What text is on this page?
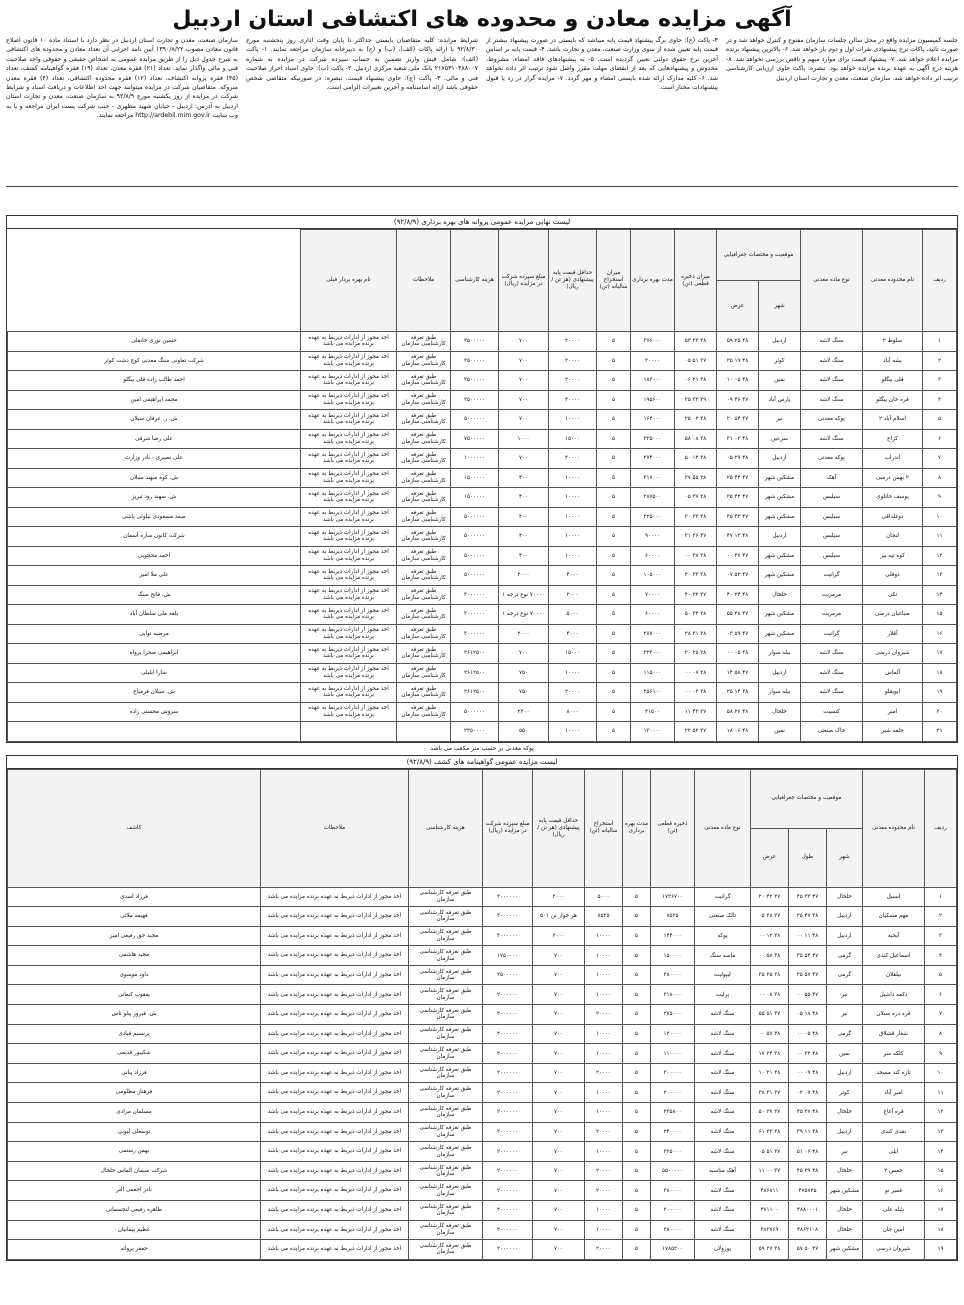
آگهی مزایده معادن و محدوده های اکتشافی استان اردبیل
سازمان صنعت، معدن و تجارت استان اردبیل در نظر دارد با استناد ماده ۱۰ قانون اصلاح قانون معادن مصوب ۱۳۹۰/۸/۲۲ آیین نامه اجرایی آن تعداد معادن و محدوده های اکتشافی به شرح جدول ذیل را از طریق مزایده عمومی به اشخاص حقیقی و حقوقی واجد صلاحیت فنی و مالی واگذار نماید. تعداد (۲۱) فقره معدن، تعداد (۱۹) فقره گواهینامه کشف، تعداد (۴۵) فقره پروانه اکتشاف، تعداد (۱۲) فقره محدوده اکتشافی، تعداد (۴) فقره معدن متروکه. متقاضیان شرکت در مزایده میتوانند جهت اخذ اطلاعات و دریافت اسناد و شرایط شرکت در مزایده از روز یکشنبه مورخ ۹۲/۸/۹ به سازمان صنعت، معدن و تجارت استان اردبیل به آدرس: اردبیل - خیابان شهید مطهری - جنب شرکت پست ایران مراجعه و یا به وب سایت http://ardebil.mim.gov.ir مراجعه نمایند.
شرایط مزایده: کلیه متقاضیان بایستی حداکثر تا پایان وقت اداری روز پنجشنبه مورخ ۹۲/۸/۳۰ با ارائه پاکات (الف)، (ب) و (ج) به دبیرخانه سازمان مراجعه نمایند. ۱- پاکت (الف): شامل فیش واریز تضمین به حساب سپرده شرکت در مزایده به شماره ۲۱۷۵۳۱۰۳۸۸۰۰۷ بانک ملی شعبه مرکزی اردبیل. ۲- پاکت (ب): حاوی اسناد احراز صلاحیت فنی و مالی. ۳- پاکت (ج): حاوی پیشنهاد قیمت. تبصره: در صورتیکه متقاضی شخص حقوقی باشد ارائه اساسنامه و آخرین تغییرات الزامی است.
۳- پاکت (ج): حاوی برگ پیشنهاد قیمت پایه میباشد که بایستی در صورت پیشنهاد بیشتر از قیمت پایه تعیین شده از سوی وزارت صنعت، معدن و تجارت باشد. ۴- قیمت پایه بر اساس آخرین نرخ حقوق دولتی تعیین گردیده است. ۵- به پیشنهادهای فاقد امضاء، مشروط، مخدوش و پیشنهادهایی که بعد از انقضای مهلت مقرر واصل شود ترتیب اثر داده نخواهد شد. ۶- کلیه مدارک ارائه شده بایستی امضاء و مهر گردد. ۷- مزایده گزار در رد یا قبول پیشنهادات مختار است.
جلسه کمیسیون مزایده واقع در محل سالن جلسات سازمان مفتوح و کنترل خواهد شد و در صورت تائید، پاکات نرخ پیشنهادی نفرات اول و دوم باز خواهد شد. ۶- بالاترین پیشنهاد برنده مزایده اعلام خواهد شد. ۷- پیشنهاد قیمت برای موارد مبهم و ناقص بررسی نخواهد شد. ۸- هزینه درج آگهی به عهده برنده مزایده خواهد بود. تبصره: پاکت حاوی ارزیابی کارشناسی ترتیب اثر داده خواهد شد. سازمان صنعت، معدن و تجارت استان اردبیل
لیست نهایی مزایده عمومی پروانه های بهره برداری (۹۲/۸/۹)
ردیف	نام محدوده معدنی	نوع ماده معدنی	موقعیت و مختصات جغرافیایی		میزان ذخیره قطعی (تن)	مدت بهره برداری	میزان استخراج سالیانه (تن)	حداقل قیمت پایه پیشنهادی (هر تن / ریال)	مبلغ سپرده شرکت در مزایده (ریال)	هزینه کارشناسی	ملاحظات	نام بهره بردار قبلی	
			شهر	عرض									
۱	سلوط ۲	سنگ لاشه	اردبیل	۴۸ ۲۵ ۵۹	۳۸ ۲۳ ۵۳	۳۷۶۰۰۰	۵	۲۰۰۰۰	۷۰۰	۳۵۰۰۰۰۰	طبق تعرفه کارشناسی سازمان	اخذ مجوز از ادارات ذیربط به عهده برنده مزایده می باشد	حسین نوری خانقلی
۲	پشه آباد	سنگ لاشه	کوثر	۴۸ ۱۹ ۳۵	۳۷ ۵۱ ۰۵	۳۰۰۰۰	۵	۲۰۰۰۰	۷۰۰	۳۵۰۰۰۰۰	طبق تعرفه کارشناسی سازمان	اخذ مجوز از ادارات ذیربط به عهده برنده مزایده می باشد	شرکت تعاونی سنگ معدنی کوچ دشت کوثر
۳	قلی بیگلو	سنگ لاشه	نمین	۴۸ ۰۵ ۱۰	۳۸ ۲۱ ۰۶	۱۸۳۰۰۰	۵	۲۰۰۰۰	۷۰۰	۳۵۰۰۰۰۰	طبق تعرفه کارشناسی سازمان	اخذ مجوز از ادارات ذیربط به عهده برنده مزایده می باشد	احمد طالب زاده قلی بیگلو
۴	قره خان بیگلو	سنگ لاشه	پارس آباد	۴۷ ۴۶ ۰۹	۳۹ ۳۳ ۲۵	۱۹۵۶۰۰	۵	۴۰۰۰۰	۷۰۰	۳۵۰۰۰۰۰	طبق تعرفه کارشناسی سازمان	اخذ مجوز از ادارات ذیربط به عهده برنده مزایده می باشد	محمد ابراهیمی امین
۵	اسلام آباد ۲	پوکه معدنی	نیر	۴۷ ۵۴ ۲۰	۳۸ ۰۲ ۲۵	۱۶۴۰۰۰	۵	۱۰۰۰۰	۷۰۰	۵۰۰۰۰۰۰	طبق تعرفه کارشناسی سازمان	اخذ مجوز از ادارات ذیربط به عهده برنده مزایده می باشد	ش. ر. عرفان سبلان
۶	کزاج	سنگ لاشه	سرعین	۴۸ ۰۳ ۳۱	۳۸ ۰۸ ۵۸	۲۲۵۰۰۰	۵	۱۵۰۰۰	۱۰۰۰	۷۵۰۰۰۰۰	طبق تعرفه کارشناسی سازمان	اخذ مجوز از ادارات ذیربط به عهده برنده مزایده می باشد	علی رضا شرقی
۷	اندراب	پوکه معدنی	اردبیل	۴۸ ۲۹ ۰۵	۳۸ ۱۴ ۵۰	۲۷۴۰۰۰	۵	۲۰۰۰۰	۷۰۰	۱۰۰۰۰۰۰	طبق تعرفه کارشناسی سازمان	اخذ مجوز از ادارات ذیربط به عهده برنده مزایده می باشد	علی نصیری - نادر وزارت
۸	۲ بهمن درسی	آهک	مشکین شهر	۴۷ ۴۴ ۲۵	۳۸ ۵۵ ۲۷	۳۱۷۰۰۰	۵	۱۰۰۰۰	۴۰۰	۱۵۰۰۰۰۰	طبق تعرفه کارشناسی سازمان	اخذ مجوز از ادارات ذیربط به عهده برنده مزایده می باشد	ش. کوه سهند سبلان
۹	یوسف خانلوی	سیلیس	مشکین شهر	۴۷ ۴۴ ۳۵	۳۸ ۳۷ ۰۵	۲۸۷۵۰۰	۵	۱۰۰۰۰	۴۰۰	۱۵۰۰۰۰۰	طبق تعرفه کارشناسی سازمان	اخذ مجوز از ادارات ذیربط به عهده برنده مزایده می باشد	ش. سهند رود تبریز
۱۰	دوغلداقی	سیلیس	مشکین شهر	۴۷ ۴۳ ۳۵	۳۸ ۳۳ ۳۰	۲۲۵۰۰۰	۵	۱۰۰۰۰	۴۰۰	۵۰۰۰۰۰۰	طبق تعرفه کارشناسی سازمان	اخذ مجوز از ادارات ذیربط به عهده برنده مزایده می باشد	صمد مسعودی بیلوئی پاشی
۱۱	لنجان	سیلیس	اردبیل	۴۸ ۱۳ ۴۷	۳۷ ۲۶ ۲۱	۹۰۰۰۰	۵	۱۰۰۰۰	۴۰۰	۵۰۰۰۰۰۰	طبق تعرفه کارشناسی سازمان	اخذ مجوز از ادارات ذیربط به عهده برنده مزایده می باشد	شرکت کانون سازه آسمان
۱۲	کوه تپه بیز	سیلیس	مشکین شهر	۴۷ ۴۷ ۰۰	۳۸ ۳۸ ۰۰	۶۰۰۰۰	۵	۱۰۰۰۰	۴۰۰	۵۰۰۰۰۰۰	طبق تعرفه کارشناسی سازمان	اخذ مجوز از ادارات ذیربط به عهده برنده مزایده می باشد	احمد محجوبی
۱۳	دوقلی	گرانیت	مشکین شهر	۴۷ ۵۲ ۰۷	۳۸ ۳۳ ۴۰	۱۰۵۰۰۰	۵	۴۰۰۰	۲۰۰۰	۵۰۰۰۰۰۰	طبق تعرفه کارشناسی سازمان	اخذ مجوز از ادارات ذیربط به عهده برنده مزایده می باشد	علی ملا امیر
۱۴	تکی	مرمریت	خلخال	۴۸ ۲۴ ۴۰	۳۷ ۲۲ ۴۰	۷۰۰۰۰	۵	۲۰۰۰	۷۰۰۰۰ نوع درجه ۱	۳۰۰۰۰۰۰	طبق تعرفه کارشناسی سازمان	اخذ مجوز از ادارات ذیربط به عهده برنده مزایده می باشد	ش. فاتح سنگ
۱۵	صباغیان درسی	مرمریت	مشکین شهر	۴۷ ۴۸ ۵۵	۳۸ ۳۴ ۵۰	۶۰۰۰۰	۵	۵۰۰۰	۷۰۰۰۰ نوع درجه ۱	۳۰۰۰۰۰۰	طبق تعرفه کارشناسی سازمان	اخذ مجوز از ادارات ذیربط به عهده برنده مزایده می باشد	یلفه ملی سلطان آباد
۱۶	آقلار	گرانیت	مشکین شهر	۴۷ ۵۹ ۰۳	۳۸ ۳۱ ۲۸	۲۸۷۰۰۰	۵	۴۰۰۰	۲۰۰۰	۳۰۰۰۰۰۰	طبق تعرفه کارشناسی سازمان	اخذ مجوز از ادارات ذیربط به عهده برنده مزایده می باشد	مرضیه نوایی
۱۷	شیروان درسی	سنگ لاشه	بیله سوار	۴۸ ۰۵ ۰۰	۳۸ ۲۵ ۲۰	۳۳۴۰۰۰	۵	۱۵۰۰۰	۷۰۰	۲۶۱۲۵۰۰	طبق تعرفه کارشناسی سازمان	اخذ مجوز از ادارات ذیربط به عهده برنده مزایده می باشد	ابراهیمی صحرا پرواه
۱۸	آلماس	سنگ لاشه	اردبیل	۴۷ ۵۸ ۱۴	۳۸ ۰۷ ۰۰	۱۱۵۰۰۰	۵	۱۰۰۰۰	۷۵۰	۲۶۱۲۵۰۰	طبق تعرفه کارشناسی سازمان	اخذ مجوز از ادارات ذیربط به عهده برنده مزایده می باشد	سارا ابلیلی
۱۹	ایوبقلو	سنگ لاشه	بیله سوار	۴۸ ۱۴ ۲۵	۳۸ ۰۲ ۰۰	۲۵۶۱۰۰	۵	۲۰۰۰۰	۷۵۰	۲۶۱۲۵۰۰	طبق تعرفه کارشناسی سازمان	اخذ مجوز از ادارات ذیربط به عهده برنده مزایده می باشد	ش. سبلان فرمیاح
۲۰	امیر	کنسیت	خلخال	۴۸ ۲۶ ۵۸	۳۷ ۴۳ ۱۱	۴۱۵۰۰	۵	۸۰۰۰	۲۲۰۰	۵۰۰۰۰۰۰	طبق تعرفه کارشناسی سازمان	اخذ مجوز از ادارات ذیربط به عهده برنده مزایده می باشد	سروش محسنی زاده
۲۱	خلفه شیر	خاک صنعتی	نمین	۴۸ ۰۶ ۱۸	۳۷ ۵۲ ۲۲	۱۳۰۰۰۰	۵	۱۰۰۰۰	۵۵۰	۲۳۵۰۰۰۰			
پوکه معدنی بر حسب متر مکعب می باشد
لیست مزایده عمومی گواهینامه های کشف (۹۲/۸/۹)
ردیف	نام محدوده معدنی	موقعیت و مختصات جغرافیایی			نوع ماده معدنی	ذخیره قطعی (تن)	مدت بهره برداری	استخراج سالیانه (تن)	حداقل قیمت پایه پیشنهادی (هر تن / ریال)	مبلغ سپرده شرکت در مزایده (ریال)	هزینه کارشناسی	ملاحظات	کاشف
		شهر	طول	عرض									
۱	اسبیل	خلخال	۴۷ ۳۳ ۴۵	۳۷ ۴۲ ۲۰	گرانیت	۱۷۲۶۷۰۰	۵	۵۰۰۰	۲۰۰۰	۳۰۰۰۰۰۰	طبق تعرفه کارشناسی سازمان	اخذ مجوز از ادارات ذیربط به عهده برنده مزایده می باشد	فرزاد اسدی
۲	مهم مسکیان	اردبیل	۴۸ ۴۷ ۲۵	۳۷ ۲۸ ۰۵	تالک صنعتی	۸۵۲۵	۵	۸۵۲۵	هر خوار تن ۵۰۱	۳۰۰۰۰۰۰	طبق تعرفه کارشناسی سازمان	اخذ مجوز از ادارات ذیربط به عهده برنده مزایده می باشد	فهیمه ملائی
۳	آیجیه	اردبیل	۴۸ ۱۱ ۰۰	۳۸ ۱۲ ۰۰	پوکه	۱۴۴۰۰۰	۵	۱۰۰۰۰	۳۰۰۰	۳۰۰۰۰۰۰	طبق تعرفه کارشناسی سازمان	اخذ مجوز از ادارات ذیربط به عهده برنده مزایده می باشد	مجید حق رفیعی امیر
۴	اسماعیل کندی	گرمی	۴۷ ۵۴ ۳۵	۳۸ ۵۸ ۰۰	ماسه سنگ	۱۵۰۰۰۰	۵	۱۰۰۰۰	۷۰۰	۱۷۵۰۰۰۰	طبق تعرفه کارشناسی سازمان	اخذ مجوز از ادارات ذیربط به عهده برنده مزایده می باشد	مجید هاشمی
۵	نیلقلان	گرمی	۴۷ ۵۷ ۲۵	۳۸ ۲۵ ۳۵	لیپولیت	۲۸۰۰۰۰	۵	۱۰۰۰۰	۷۰۰	۲۵۰۰۰۰۰	طبق تعرفه کارشناسی سازمان	اخذ مجوز از ادارات ذیربط به عهده برنده مزایده می باشد	داود موسوی
۶	دکمه داشیل	نیر	۴۷ ۵۵ ۰۰	۳۸ ۰۸ ۰۰	پرلیت	۳۱۸۰۰۰	۵	۱۰۰۰۰	۷۰۰	۲۰۰۰۰۰۰	طبق تعرفه کارشناسی سازمان	اخذ مجوز از ادارات ذیربط به عهده برنده مزایده می باشد	یعقوب کنعانی
۷	قره دره سبلان	نیر	۴۸ ۱۸ ۰۵	۳۷ ۵۱ ۵۵	سنگ لاشه	۲۷۵۰۰۰	۵	۲۰۰۰۰	۷۰۰	۲۰۰۰۰۰۰	طبق تعرفه کارشناسی سازمان	اخذ مجوز از ادارات ذیربط به عهده برنده مزایده می باشد	ش. فیروز پیلو تاس
۸	شغار قشلاق	گرمی	۴۸ ۰۵ ۰۰	۳۸ ۵۷ ۰۰	سنگ لاشه	۱۲۰۰۰۰	۵	۱۰۰۰۰	۷۰۰	۲۰۰۰۰۰۰	طبق تعرفه کارشناسی سازمان	اخذ مجوز از ادارات ذیربط به عهده برنده مزایده می باشد	پرنسیم قبادی
۹	کلکه سر	نمین	۴۸ ۲۲ ۰۰	۳۸ ۲۴ ۱۷	سنگ لاشه	۱۱۰۰۰۰	۵	۱۰۰۰۰	۷۰۰	۲۰۰۰۰۰۰	طبق تعرفه کارشناسی سازمان	اخذ مجوز از ادارات ذیربط به عهده برنده مزایده می باشد	شکیبور قدیمی
۱۰	تازه کند مسجد	اردبیل	۴۸ ۰۹ ۰۰	۳۸ ۲۱ ۱۰	سنگ لاشه	۳۰۰۰۰۰	۵	۲۰۰۰۰	۷۰۰	۲۰۰۰۰۰۰	طبق تعرفه کارشناسی سازمان	اخذ مجوز از ادارات ذیربط به عهده برنده مزایده می باشد	فرزاد پیانی
۱۱	امیر آباد	کوثر	۴۸ ۰۷ ۰۲	۳۷ ۳۱ ۳۸	سنگ لاشه	۲۰۰۰۰۰	۵	۱۰۰۰۰	۷۰۰	۲۰۰۰۰۰۰	طبق تعرفه کارشناسی سازمان	اخذ مجوز از ادارات ذیربط به عهده برنده مزایده می باشد	فرهناز مظلومی
۱۲	قره آغاج	خلخال	۴۸ ۲۷ ۴۵	۳۷ ۲۷ ۵۰	سنگ لاشه	۲۳۵۸۰۰	۵	۱۰۰۰۰	۷۰۰	۲۰۰۰۰۰۰	طبق تعرفه کارشناسی سازمان	اخذ مجوز از ادارات ذیربط به عهده برنده مزایده می باشد	مسلمان مرادی
۱۳	نقدی کندی	اردبیل	۴۸ ۱۱ ۳۹	۳۸ ۲۳ ۶۱	سنگ لاشه	۲۴۰۰۰۰	۵	۲۰۰۰۰	۷۰۰	۲۰۰۰۰۰۰	طبق تعرفه کارشناسی سازمان	اخذ مجوز از ادارات ذیربط به عهده برنده مزایده می باشد	نوسعلی لیونی
۱۴	ایلی	نیر	۴۸ ۰۶ ۵۱	۳۷ ۵۱ ۰۵	سنگ لاشه	۳۲۵۰۰۰	۵	۱۰۰۰۰	۷۰۰	۲۰۰۰۰۰۰	طبق تعرفه کارشناسی سازمان	اخذ مجوز از ادارات ذیربط به عهده برنده مزایده می باشد	بهمن رستمی
۱۵	خمس ۲	خلخال	۴۸ ۳۹ ۴۵	۳۷ ۰۰ ۱۱	آهک مناسبه	۵۵۰۰۰۰۰	۵	۲۰۰۰۰	۷۰۰	۲۰۰۰۰۰۰	طبق تعرفه کارشناسی سازمان	اخذ مجوز از ادارات ذیربط به عهده برنده مزایده می باشد	شرکت سیمان الماس خلخال
۱۶	قمیر تو	مشکین شهر	۴۷۵۷۲۵	۴۸۶۸۱۱	سنگ لاشه	۳۸۰۰۰۰	۵	۲۰۰۰۰	۷۰۰	۲۰۰۰۰۰۰	طبق تعرفه کارشناسی سازمان	اخذ مجوز از ادارات ذیربط به عهده برنده مزایده می باشد	نادر اجعمی التر
۱۷	شله علی	خلخال	۴۸۸۰۰۰۱	۴۷۱۱۰۰	سنگ لاشه	۲۰۰۰۰۰	۵	۱۰۰۰۰	۷۰۰	۲۰۰۰۰۰۰	طبق تعرفه کارشناسی سازمان	اخذ مجوز از ادارات ذیربط به عهده برنده مزایده می باشد	طاهره رفیعی لنجسمانی
۱۸	امین جان	خلخال	۴۸۶۲۱۰۸	۳۸۲۷۶۹	سنگ لاشه	۳۸۰۰۰۰	۵	۱۰۰۰۰	۷۰۰	۲۰۰۰۰۰۰	طبق تعرفه کارشناسی سازمان	اخذ مجوز از ادارات ذیربط به عهده برنده مزایده می باشد	عظیم پیمانیان
۱۹	شیروان درسی	مشکین شهر	۴۷ ۵۰ ۵۷	۳۸ ۲۷ ۵۹	پوزولان	۱۷۸۵۲۰۰	۵	۲۰۰۰۰	۷۰۰	۲۰۰۰۰۰۰	طبق تعرفه کارشناسی سازمان	اخذ مجوز از ادارات ذیربط به عهده برنده مزایده می باشد	جعفر پروانه
